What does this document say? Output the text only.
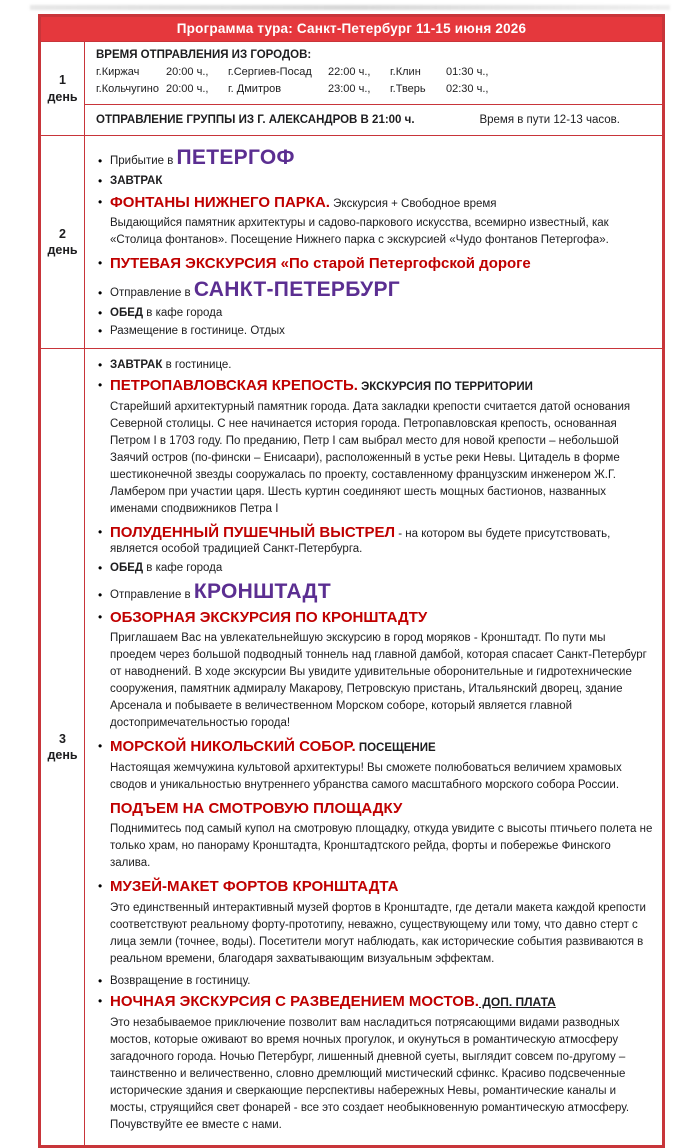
Программа тура: Санкт-Петербург 11-15 июня 2026
1
день
ВРЕМЯ ОТПРАВЛЕНИЯ ИЗ ГОРОДОВ:
г.Киржач	20:00 ч.,	г.Сергиев-Посад	22:00 ч.,	г.Клин	01:30 ч.,
г.Кольчугино 20:00 ч.,	г. Дмитров	23:00 ч.,	г.Тверь	02:30 ч.,
ОТПРАВЛЕНИЕ ГРУППЫ ИЗ Г. АЛЕКСАНДРОВ В 21:00 ч.	Время в пути 12-13 часов.
2
день
• Прибытие в ПЕТЕРГОФ
• ЗАВТРАК
• ФОНТАНЫ НИЖНЕГО ПАРКА. Экскурсия + Свободное время
Выдающийся памятник архитектуры и садово-паркового искусства, всемирно известный, как «Столица фонтанов». Посещение Нижнего парка с экскурсией «Чудо фонтанов Петергофа».
• ПУТЕВАЯ ЭКСКУРСИЯ «По старой Петергофской дороге
• Отправление в САНКТ-ПЕТЕРБУРГ
• ОБЕД в кафе города
• Размещение в гостинице. Отдых
3
день
• ЗАВТРАК в гостинице.
• ПЕТРОПАВЛОВСКАЯ КРЕПОСТЬ. ЭКСКУРСИЯ ПО ТЕРРИТОРИИ
Старейший архитектурный памятник города. Дата закладки крепости считается датой основания Северной столицы. С нее начинается история города. Петропавловская крепость, основанная Петром I в 1703 году. По преданию, Петр I сам выбрал место для новой крепости – небольшой Заячий остров (по-фински – Енисаари), расположенный в устье реки Невы. Цитадель в форме шестиконечной звезды сооружалась по проекту, составленному французским инженером Ж.Г. Ламбером при участии царя. Шесть куртин соединяют шесть мощных бастионов, названных именами сподвижников Петра I
• ПОЛУДЕННЫЙ ПУШЕЧНЫЙ ВЫСТРЕЛ - на котором вы будете присутствовать, является особой традицией Санкт-Петербурга.
• ОБЕД в кафе города
• Отправление в КРОНШТАДТ
• ОБЗОРНАЯ ЭКСКУРСИЯ ПО КРОНШТАДТУ
Приглашаем Вас на увлекательнейшую экскурсию в город моряков - Кронштадт. По пути мы проедем через большой подводный тоннель над главной дамбой, которая спасает Санкт-Петербург от наводнений. В ходе экскурсии Вы увидите удивительные оборонительные и гидротехнические сооружения, памятник адмиралу Макарову, Петровскую пристань, Итальянский дворец, здание Арсенала и побываете в величественном Морском соборе, который является главной достопримечательностью города!
• МОРСКОЙ НИКОЛЬСКИЙ СОБОР. ПОСЕЩЕНИЕ
Настоящая жемчужина культовой архитектуры! Вы сможете полюбоваться величием храмовых сводов и уникальностью внутреннего убранства самого масштабного морского собора России.
ПОДЪЕМ НА СМОТРОВУЮ ПЛОЩАДКУ
Поднимитесь под самый купол на смотровую площадку, откуда увидите с высоты птичьего полета не только храм, но панораму Кронштадта, Кронштадтского рейда, форты и побережье Финского залива.
• МУЗЕЙ-МАКЕТ ФОРТОВ КРОНШТАДТА
Это единственный интерактивный музей фортов в Кронштадте, где детали макета каждой крепости соответствуют реальному форту-прототипу, неважно, существующему или тому, что давно стерт с лица земли (точнее, воды). Посетители могут наблюдать, как исторические события развиваются в реальном времени, благодаря захватывающим визуальным эффектам.
• Возвращение в гостиницу.
• НОЧНАЯ ЭКСКУРСИЯ С РАЗВЕДЕНИЕМ МОСТОВ. ДОП. ПЛАТА
Это незабываемое приключение позволит вам насладиться потрясающими видами разводных мостов, которые оживают во время ночных прогулок, и окунуться в романтическую атмосферу загадочного города. Ночью Петербург, лишенный дневной суеты, выглядит совсем по-другому – таинственно и величественно, словно дремлющий мистический сфинкс. Красиво подсвеченные исторические здания и сверкающие перспективы набережных Невы, романтические каналы и мосты, струящийся свет фонарей - все это создает необыкновенную романтическую атмосферу. Почувствуйте ее вместе с нами.
